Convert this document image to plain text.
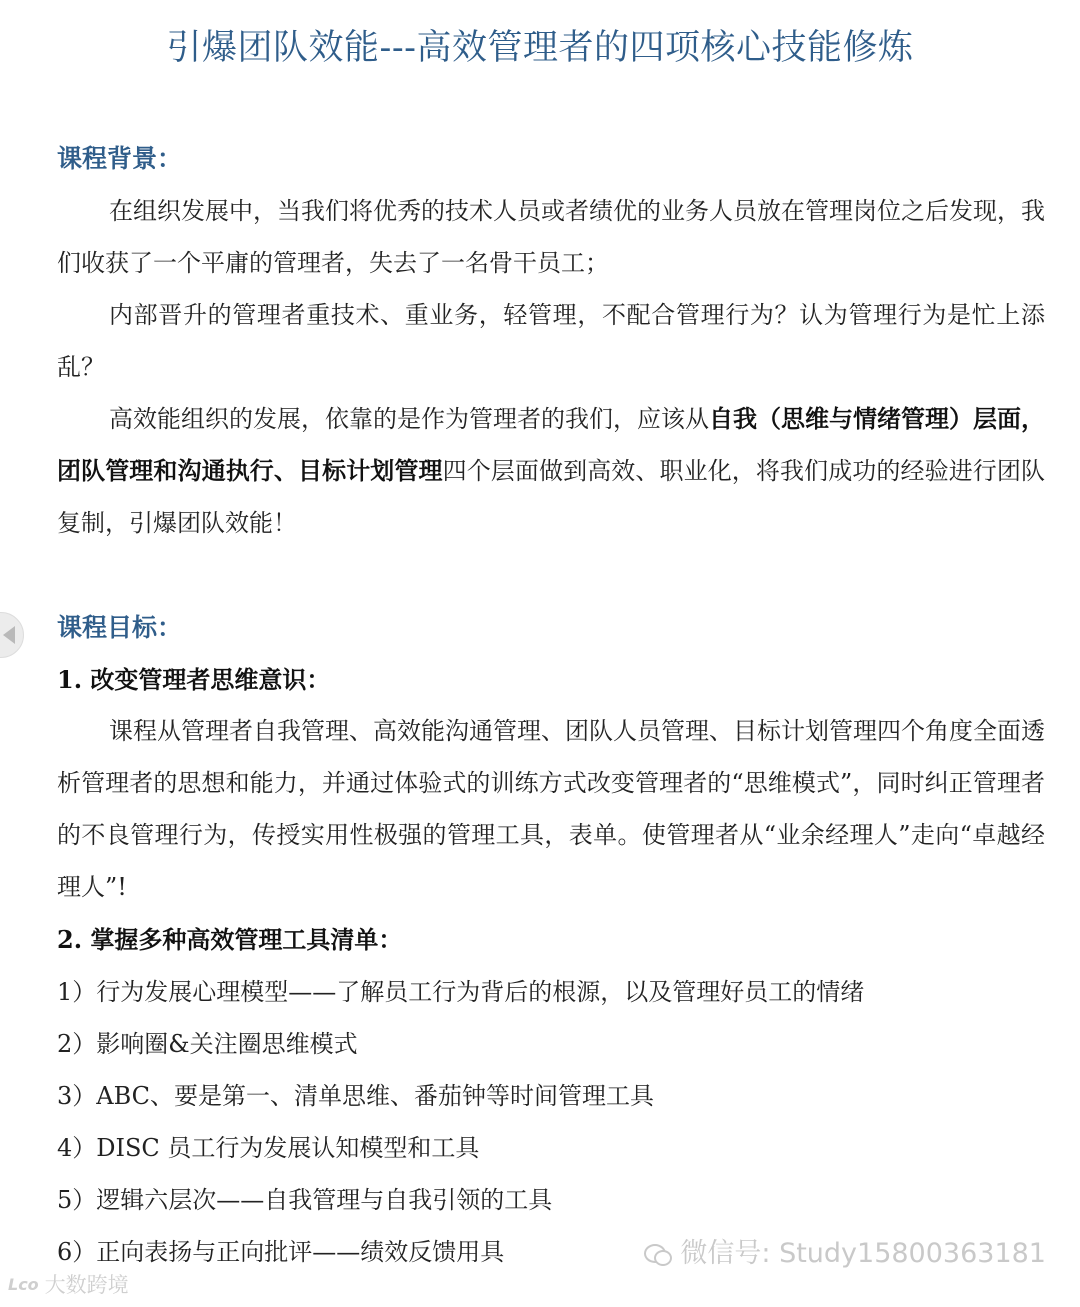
引爆团队效能---高效管理者的四项核心技能修炼
课程背景：
在组织发展中，当我们将优秀的技术人员或者绩优的业务人员放在管理岗位之后发现，我们收获了一个平庸的管理者，失去了一名骨干员工；
内部晋升的管理者重技术、重业务，轻管理，不配合管理行为？认为管理行为是忙上添乱？
高效能组织的发展，依靠的是作为管理者的我们，应该从自我（思维与情绪管理）层面，团队管理和沟通执行、目标计划管理四个层面做到高效、职业化，将我们成功的经验进行团队复制，引爆团队效能！
课程目标：
1. 改变管理者思维意识：
课程从管理者自我管理、高效能沟通管理、团队人员管理、目标计划管理四个角度全面透析管理者的思想和能力，并通过体验式的训练方式改变管理者的“思维模式”，同时纠正管理者的不良管理行为，传授实用性极强的管理工具，表单。使管理者从“业余经理人”走向“卓越经理人”!
2. 掌握多种高效管理工具清单：
1）行为发展心理模型——了解员工行为背后的根源，以及管理好员工的情绪
2）影响圈&关注圈思维模式
3）ABC、要是第一、清单思维、番茄钟等时间管理工具
4）DISC 员工行为发展认知模型和工具
5）逻辑六层次——自我管理与自我引领的工具
6）正向表扬与正向批评——绩效反馈用具	微信号: Study15800363181
Lco 大数跨境
